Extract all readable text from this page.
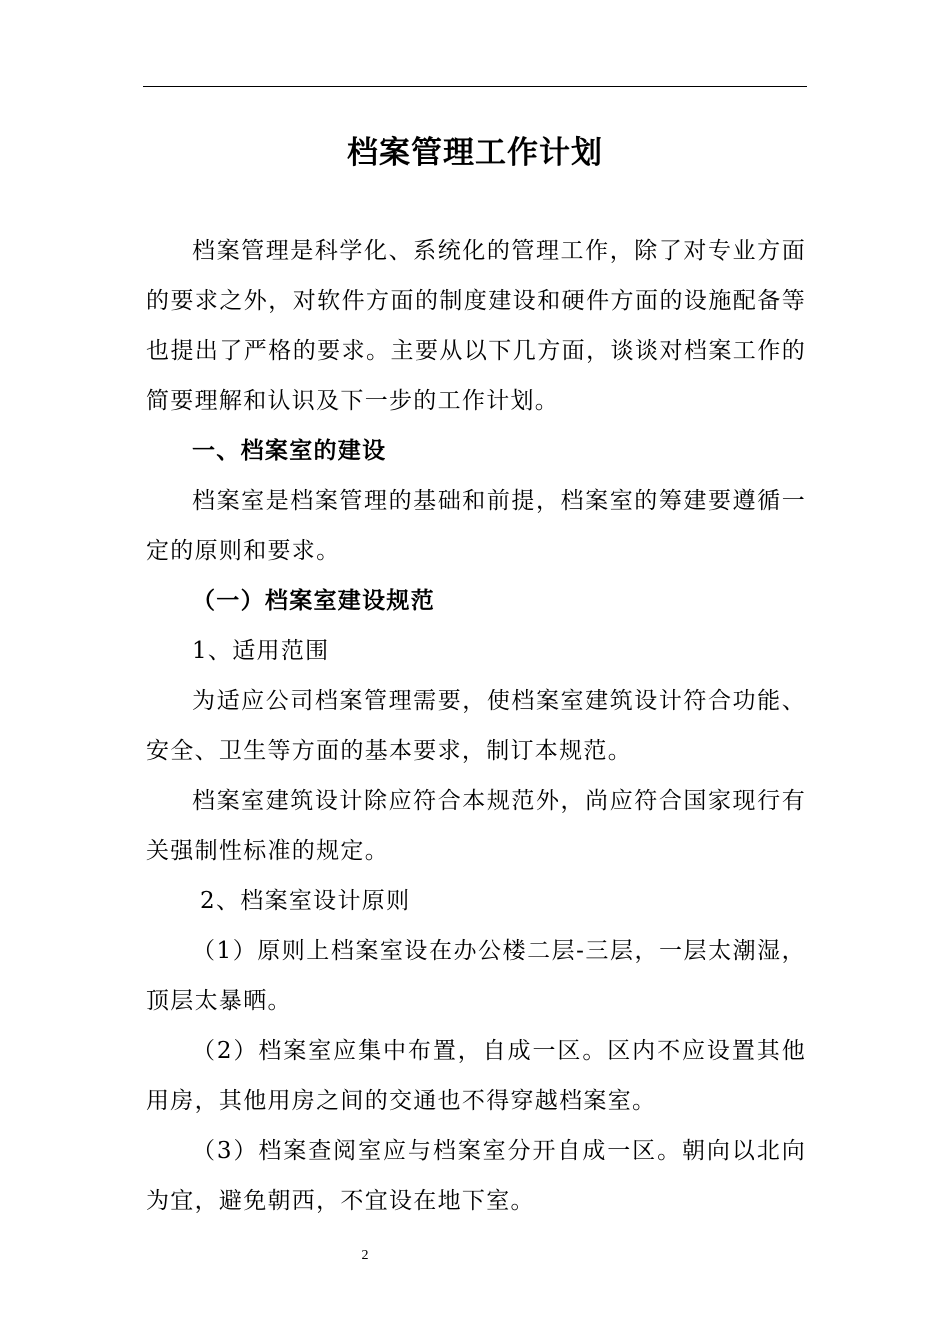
档案管理工作计划

档案管理是科学化、系统化的管理工作，除了对专业方面的要求之外，对软件方面的制度建设和硬件方面的设施配备等也提出了严格的要求。主要从以下几方面，谈谈对档案工作的简要理解和认识及下一步的工作计划。

一、档案室的建设

档案室是档案管理的基础和前提，档案室的筹建要遵循一定的原则和要求。

（一）档案室建设规范

1、适用范围

为适应公司档案管理需要，使档案室建筑设计符合功能、安全、卫生等方面的基本要求，制订本规范。

档案室建筑设计除应符合本规范外，尚应符合国家现行有关强制性标准的规定。

2、档案室设计原则

（1）原则上档案室设在办公楼二层-三层，一层太潮湿，顶层太暴晒。

（2）档案室应集中布置，自成一区。区内不应设置其他用房，其他用房之间的交通也不得穿越档案室。

（3）档案查阅室应与档案室分开自成一区。朝向以北向为宜，避免朝西，不宜设在地下室。

2
